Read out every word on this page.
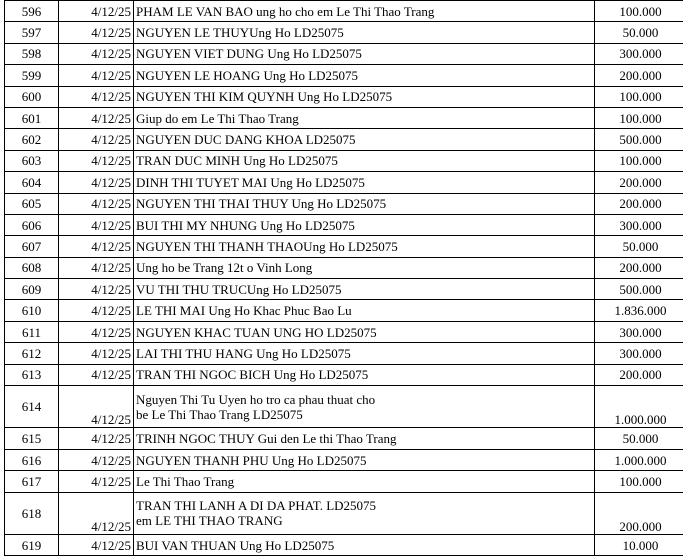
596	4/12/25	PHAM LE VAN BAO ung ho cho em Le Thi Thao Trang	100.000
597	4/12/25	NGUYEN LE THUYUng Ho LD25075	50.000
598	4/12/25	NGUYEN VIET DUNG Ung Ho LD25075	300.000
599	4/12/25	NGUYEN LE HOANG Ung Ho LD25075	200.000
600	4/12/25	NGUYEN THI KIM QUYNH Ung Ho LD25075	100.000
601	4/12/25	Giup do em Le Thi Thao Trang	100.000
602	4/12/25	NGUYEN DUC DANG KHOA LD25075	500.000
603	4/12/25	TRAN DUC MINH Ung Ho LD25075	100.000
604	4/12/25	DINH THI TUYET MAI Ung Ho LD25075	200.000
605	4/12/25	NGUYEN THI THAI THUY Ung Ho LD25075	200.000
606	4/12/25	BUI THI MY NHUNG Ung Ho LD25075	300.000
607	4/12/25	NGUYEN THI THANH THAOUng Ho LD25075	50.000
608	4/12/25	Ung ho be Trang 12t o Vinh Long	200.000
609	4/12/25	VU THI THU TRUCUng Ho LD25075	500.000
610	4/12/25	LE THI MAI Ung Ho Khac Phuc Bao Lu	1.836.000
611	4/12/25	NGUYEN KHAC TUAN UNG HO LD25075	300.000
612	4/12/25	LAI THI THU HANG Ung Ho LD25075	300.000
613	4/12/25	TRAN THI NGOC BICH Ung Ho LD25075	200.000
614	4/12/25	Nguyen Thi Tu Uyen ho tro ca phau thuat cho
be Le Thi Thao Trang LD25075	1.000.000
615	4/12/25	TRINH NGOC THUY Gui den Le thi Thao Trang	50.000
616	4/12/25	NGUYEN THANH PHU Ung Ho LD25075	1.000.000
617	4/12/25	Le Thi Thao Trang	100.000
618	4/12/25	TRAN THI LANH A DI DA PHAT. LD25075
em LE THI THAO TRANG	200.000
619	4/12/25	BUI VAN THUAN Ung Ho LD25075	10.000
